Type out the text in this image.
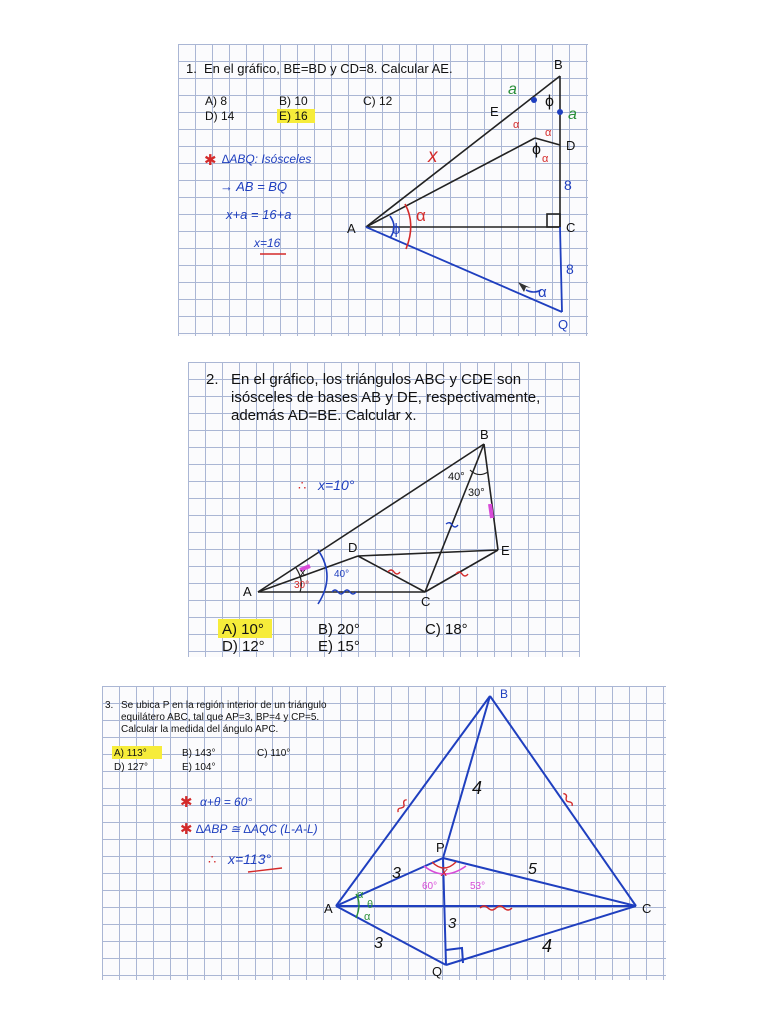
1. En el gráfico, BE=BD y CD=8. Calcular AE.
A) 8	B) 10	C) 12
D) 14	E) 16
A
B
C
D
E
Q
ϕ
ϕ
ϕ
α
α
α
α
α
a
a
x
8
8
✱ ∆ABQ: Isósceles
→ AB = BQ
x+a = 16+a
x=16
2. En el gráfico, los triángulos ABC y CDE son
isósceles de bases AB y DE, respectivamente,
además AD=BE. Calcular x.
A
B
C
D	E
x
40°
30°
30°
40°
∴ x=10°
A) 10°	B) 20°	C) 18°
D) 12°	E) 15°
3. Se ubica P en la región interior de un triángulo
equilátero ABC, tal que AP=3, BP=4 y CP=5.
Calcular la medida del ángulo APC.
A) 113°	B) 143°	C) 110°
D) 127°	E) 104°
A
B
C
P
Q
4
3	5
3
3	4
60°	53°
x
α
θ
α
✱ α+θ = 60°
✱ ∆ABP ≅ ∆AQC (L-A-L)
∴ x=113°
